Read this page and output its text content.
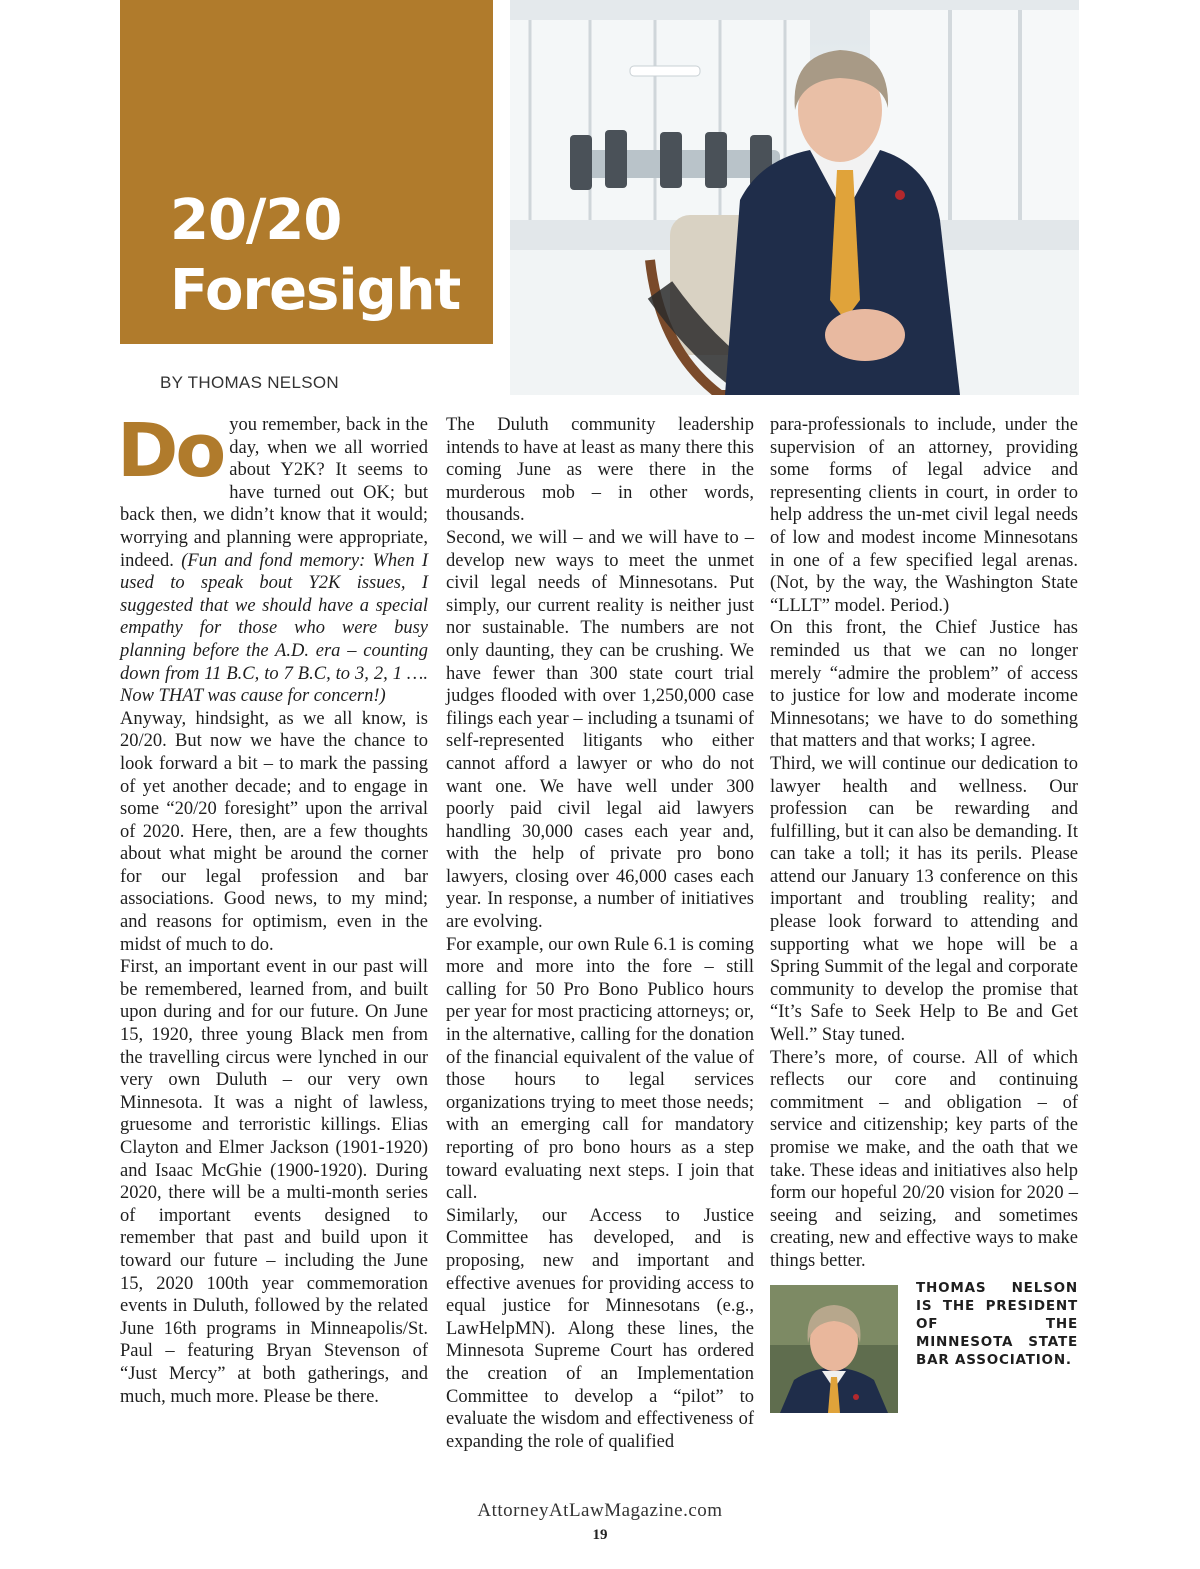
20/20
Foresight

BY THOMAS NELSON

Do you remember, back in the day, when we all worried about Y2K? It seems to have turned out OK; but back then, we didn’t know that it would; worrying and planning were appropriate, indeed. (Fun and fond memory: When I used to speak bout Y2K issues, I suggested that we should have a special empathy for those who were busy planning before the A.D. era – counting down from 11 B.C, to 7 B.C, to 3, 2, 1 …. Now THAT was cause for concern!)

Anyway, hindsight, as we all know, is 20/20. But now we have the chance to look forward a bit – to mark the passing of yet another decade; and to engage in some “20/20 foresight” upon the arrival of 2020. Here, then, are a few thoughts about what might be around the corner for our legal profession and bar associations. Good news, to my mind; and reasons for optimism, even in the midst of much to do.

First, an important event in our past will be remembered, learned from, and built upon during and for our future. On June 15, 1920, three young Black men from the travelling circus were lynched in our very own Duluth – our very own Minnesota. It was a night of lawless, gruesome and terroristic killings. Elias Clayton and Elmer Jackson (1901-1920) and Isaac McGhie (1900-1920). During 2020, there will be a multi-month series of important events designed to remember that past and build upon it toward our future – including the June 15, 2020 100th year commemoration events in Duluth, followed by the related June 16th programs in Minneapolis/St. Paul – featuring Bryan Stevenson of “Just Mercy” at both gatherings, and much, much more. Please be there.

The Duluth community leadership intends to have at least as many there this coming June as were there in the murderous mob – in other words, thousands.

Second, we will – and we will have to – develop new ways to meet the unmet civil legal needs of Minnesotans. Put simply, our current reality is neither just nor sustainable. The numbers are not only daunting, they can be crushing. We have fewer than 300 state court trial judges flooded with over 1,250,000 case filings each year – including a tsunami of self-represented litigants who either cannot afford a lawyer or who do not want one. We have well under 300 poorly paid civil legal aid lawyers handling 30,000 cases each year and, with the help of private pro bono lawyers, closing over 46,000 cases each year. In response, a number of initiatives are evolving.

For example, our own Rule 6.1 is coming more and more into the fore – still calling for 50 Pro Bono Publico hours per year for most practicing attorneys; or, in the alternative, calling for the donation of the financial equivalent of the value of those hours to legal services organizations trying to meet those needs; with an emerging call for mandatory reporting of pro bono hours as a step toward evaluating next steps. I join that call.

Similarly, our Access to Justice Committee has developed, and is proposing, new and important and effective avenues for providing access to equal justice for Minnesotans (e.g., LawHelpMN). Along these lines, the Minnesota Supreme Court has ordered the creation of an Implementation Committee to develop a “pilot” to evaluate the wisdom and effectiveness of expanding the role of qualified

para-professionals to include, under the supervision of an attorney, providing some forms of legal advice and representing clients in court, in order to help address the un-met civil legal needs of low and modest income Minnesotans in one of a few specified legal arenas. (Not, by the way, the Washington State “LLLT” model. Period.)

On this front, the Chief Justice has reminded us that we can no longer merely “admire the problem” of access to justice for low and moderate income Minnesotans; we have to do something that matters and that works; I agree.

Third, we will continue our dedication to lawyer health and wellness. Our profession can be rewarding and fulfilling, but it can also be demanding. It can take a toll; it has its perils. Please attend our January 13 conference on this important and troubling reality; and please look forward to attending and supporting what we hope will be a Spring Summit of the legal and corporate community to develop the promise that “It’s Safe to Seek Help to Be and Get Well.” Stay tuned.

There’s more, of course. All of which reflects our core and continuing commitment – and obligation – of service and citizenship; key parts of the promise we make, and the oath that we take. These ideas and initiatives also help form our hopeful 20/20 vision for 2020 – seeing and seizing, and sometimes creating, new and effective ways to make things better.

THOMAS NELSON IS THE PRESIDENT OF THE MINNESOTA STATE BAR ASSOCIATION.

AttorneyAtLawMagazine.com
19
